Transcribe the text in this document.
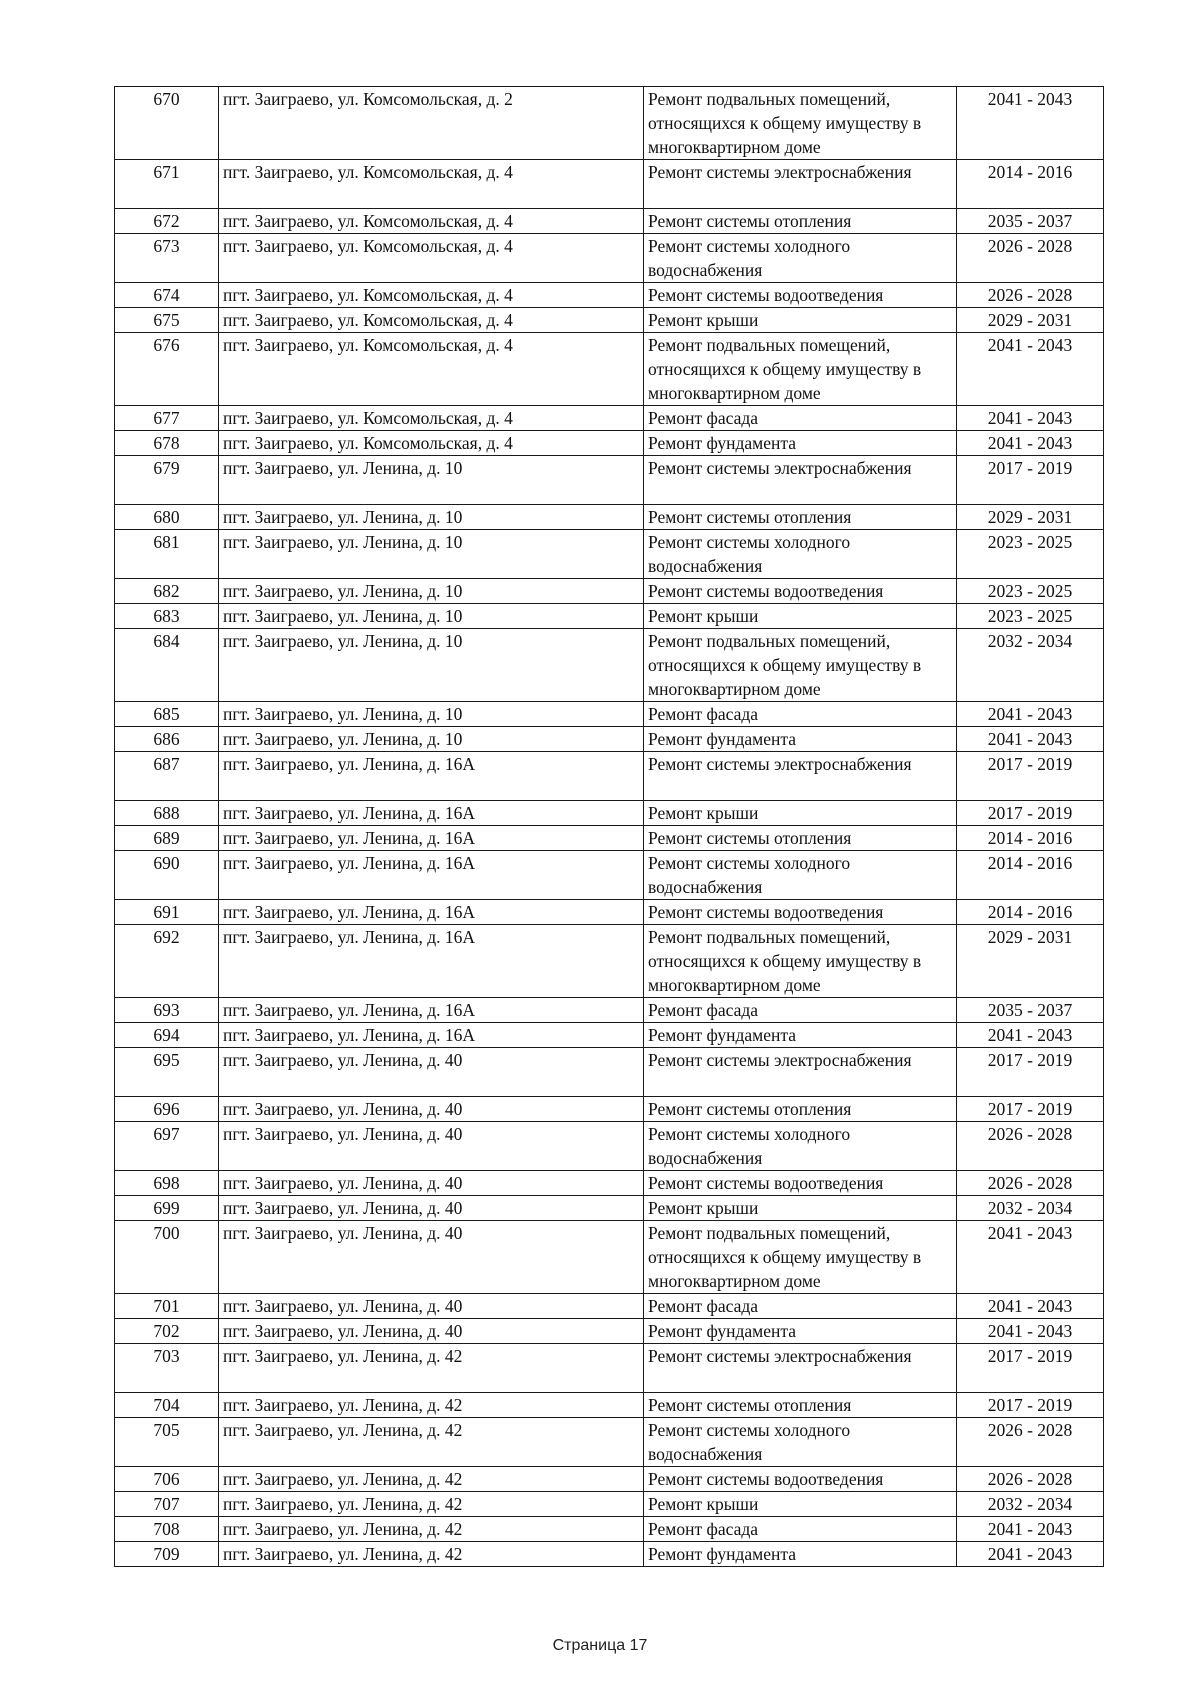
670	пгт. Заиграево, ул. Комсомольская, д. 2	Ремонт подвальных помещений, относящихся к общему имуществу в многоквартирном доме	2041 - 2043
671	пгт. Заиграево, ул. Комсомольская, д. 4	Ремонт системы электроснабжения	2014 - 2016
672	пгт. Заиграево, ул. Комсомольская, д. 4	Ремонт системы отопления	2035 - 2037
673	пгт. Заиграево, ул. Комсомольская, д. 4	Ремонт системы холодного водоснабжения	2026 - 2028
674	пгт. Заиграево, ул. Комсомольская, д. 4	Ремонт системы водоотведения	2026 - 2028
675	пгт. Заиграево, ул. Комсомольская, д. 4	Ремонт крыши	2029 - 2031
676	пгт. Заиграево, ул. Комсомольская, д. 4	Ремонт подвальных помещений, относящихся к общему имуществу в многоквартирном доме	2041 - 2043
677	пгт. Заиграево, ул. Комсомольская, д. 4	Ремонт фасада	2041 - 2043
678	пгт. Заиграево, ул. Комсомольская, д. 4	Ремонт фундамента	2041 - 2043
679	пгт. Заиграево, ул. Ленина, д. 10	Ремонт системы электроснабжения	2017 - 2019
680	пгт. Заиграево, ул. Ленина, д. 10	Ремонт системы отопления	2029 - 2031
681	пгт. Заиграево, ул. Ленина, д. 10	Ремонт системы холодного водоснабжения	2023 - 2025
682	пгт. Заиграево, ул. Ленина, д. 10	Ремонт системы водоотведения	2023 - 2025
683	пгт. Заиграево, ул. Ленина, д. 10	Ремонт крыши	2023 - 2025
684	пгт. Заиграево, ул. Ленина, д. 10	Ремонт подвальных помещений, относящихся к общему имуществу в многоквартирном доме	2032 - 2034
685	пгт. Заиграево, ул. Ленина, д. 10	Ремонт фасада	2041 - 2043
686	пгт. Заиграево, ул. Ленина, д. 10	Ремонт фундамента	2041 - 2043
687	пгт. Заиграево, ул. Ленина, д. 16А	Ремонт системы электроснабжения	2017 - 2019
688	пгт. Заиграево, ул. Ленина, д. 16А	Ремонт крыши	2017 - 2019
689	пгт. Заиграево, ул. Ленина, д. 16А	Ремонт системы отопления	2014 - 2016
690	пгт. Заиграево, ул. Ленина, д. 16А	Ремонт системы холодного водоснабжения	2014 - 2016
691	пгт. Заиграево, ул. Ленина, д. 16А	Ремонт системы водоотведения	2014 - 2016
692	пгт. Заиграево, ул. Ленина, д. 16А	Ремонт подвальных помещений, относящихся к общему имуществу в многоквартирном доме	2029 - 2031
693	пгт. Заиграево, ул. Ленина, д. 16А	Ремонт фасада	2035 - 2037
694	пгт. Заиграево, ул. Ленина, д. 16А	Ремонт фундамента	2041 - 2043
695	пгт. Заиграево, ул. Ленина, д. 40	Ремонт системы электроснабжения	2017 - 2019
696	пгт. Заиграево, ул. Ленина, д. 40	Ремонт системы отопления	2017 - 2019
697	пгт. Заиграево, ул. Ленина, д. 40	Ремонт системы холодного водоснабжения	2026 - 2028
698	пгт. Заиграево, ул. Ленина, д. 40	Ремонт системы водоотведения	2026 - 2028
699	пгт. Заиграево, ул. Ленина, д. 40	Ремонт крыши	2032 - 2034
700	пгт. Заиграево, ул. Ленина, д. 40	Ремонт подвальных помещений, относящихся к общему имуществу в многоквартирном доме	2041 - 2043
701	пгт. Заиграево, ул. Ленина, д. 40	Ремонт фасада	2041 - 2043
702	пгт. Заиграево, ул. Ленина, д. 40	Ремонт фундамента	2041 - 2043
703	пгт. Заиграево, ул. Ленина, д. 42	Ремонт системы электроснабжения	2017 - 2019
704	пгт. Заиграево, ул. Ленина, д. 42	Ремонт системы отопления	2017 - 2019
705	пгт. Заиграево, ул. Ленина, д. 42	Ремонт системы холодного водоснабжения	2026 - 2028
706	пгт. Заиграево, ул. Ленина, д. 42	Ремонт системы водоотведения	2026 - 2028
707	пгт. Заиграево, ул. Ленина, д. 42	Ремонт крыши	2032 - 2034
708	пгт. Заиграево, ул. Ленина, д. 42	Ремонт фасада	2041 - 2043
709	пгт. Заиграево, ул. Ленина, д. 42	Ремонт фундамента	2041 - 2043
Страница 17
